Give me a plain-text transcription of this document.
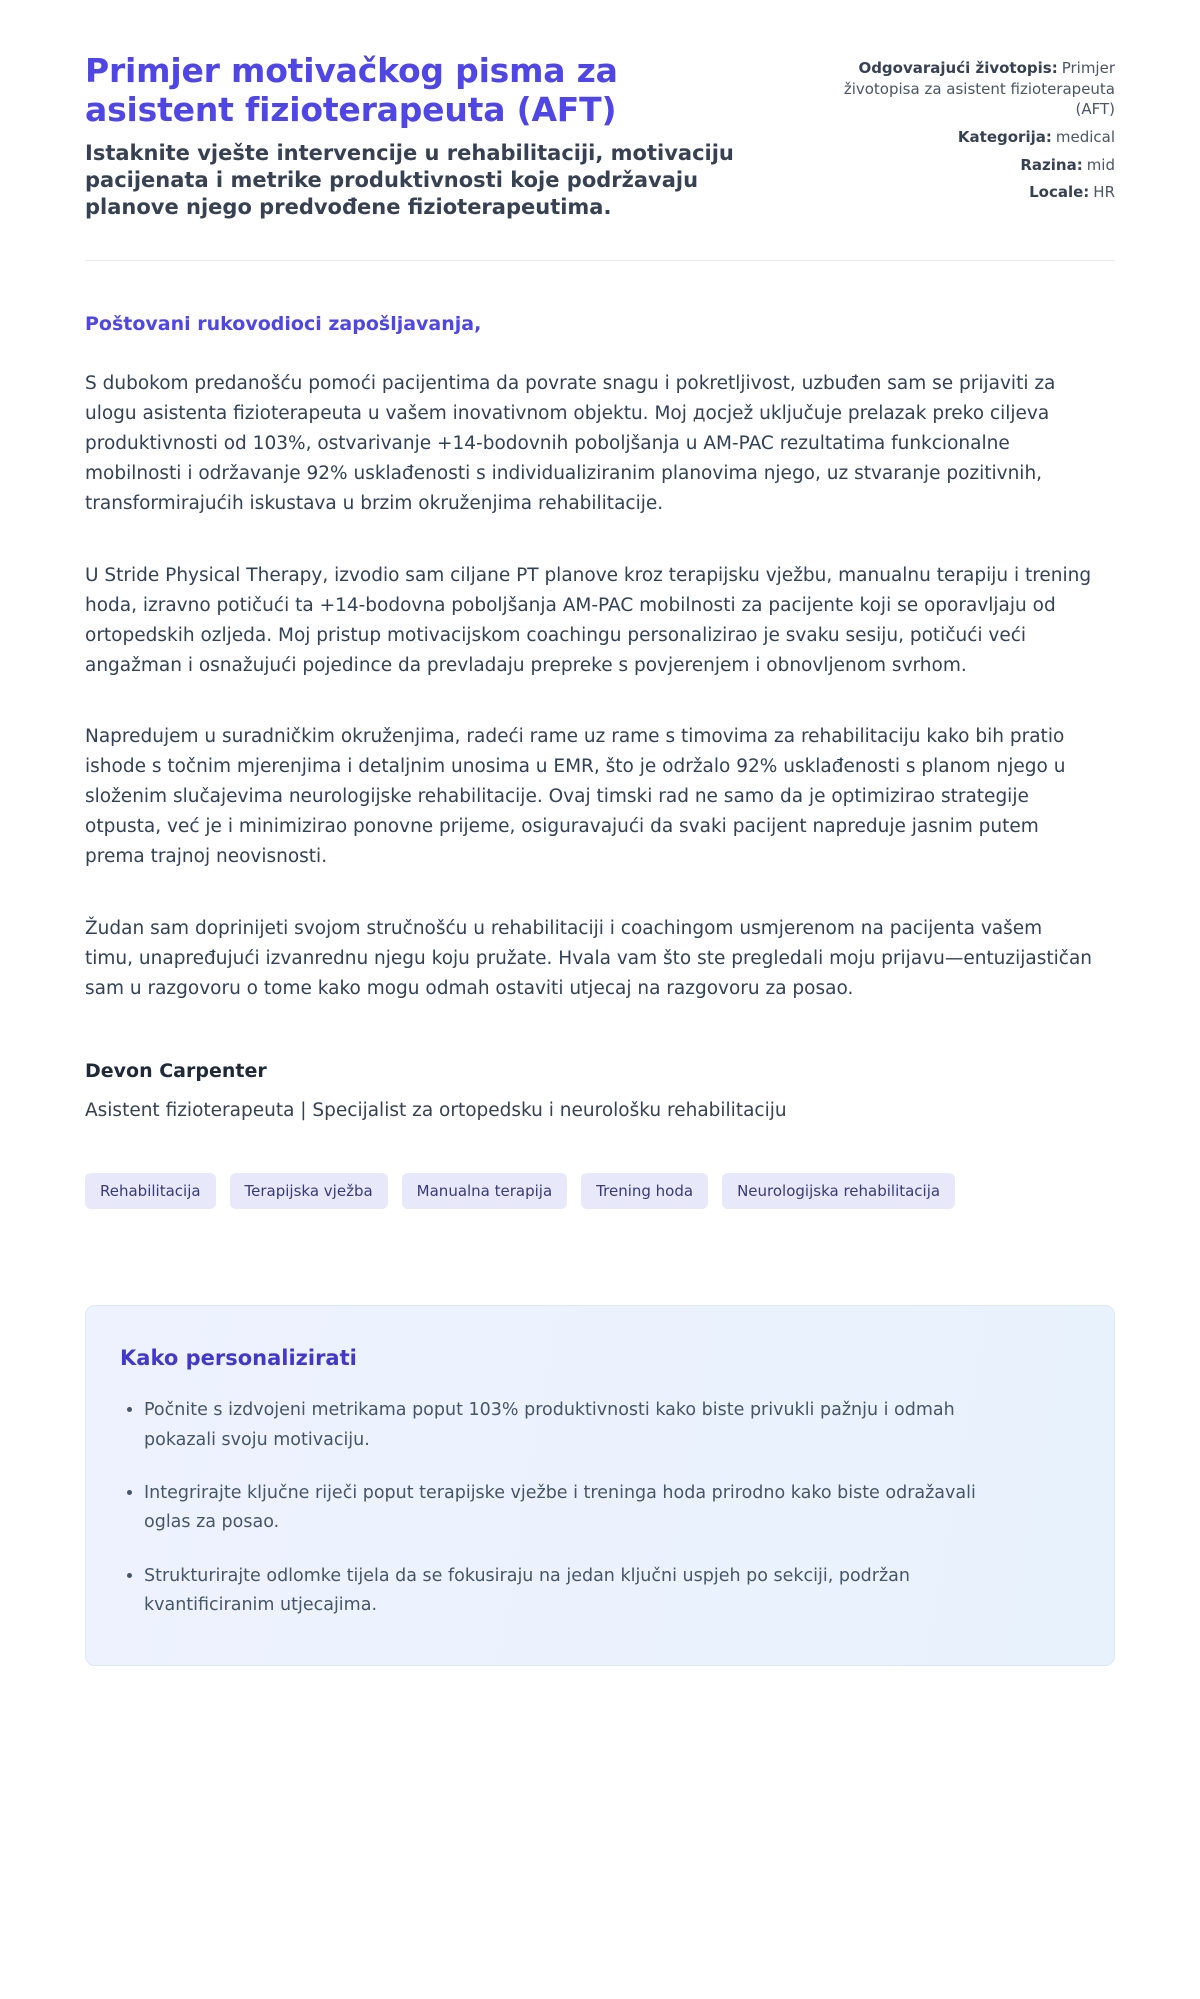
Primjer motivačkog pisma za asistent fizioterapeuta (AFT)
Istaknite vješte intervencije u rehabilitaciji, motivaciju pacijenata i metrike produktivnosti koje podržavaju planove njego predvođene fizioterapeutima.
Odgovarajući životopis: Primjer životopisa za asistent fizioterapeuta (AFT)
Kategorija: medical
Razina: mid
Locale: HR
Poštovani rukovodioci zapošljavanja,

S dubokom predanošću pomoći pacijentima da povrate snagu i pokretljivost, uzbuđen sam se prijaviti za ulogu asistenta fizioterapeuta u vašem inovativnom objektu. Moj доcjež uključuje prelazak preko ciljeva produktivnosti od 103%, ostvarivanje +14-bodovnih poboljšanja u AM-PAC rezultatima funkcionalne mobilnosti i održavanje 92% usklađenosti s individualiziranim planovima njego, uz stvaranje pozitivnih, transformirajućih iskustava u brzim okruženjima rehabilitacije.

U Stride Physical Therapy, izvodio sam ciljane PT planove kroz terapijsku vježbu, manualnu terapiju i trening hoda, izravno potičući ta +14-bodovna poboljšanja AM-PAC mobilnosti za pacijente koji se oporavljaju od ortopedskih ozljeda. Moj pristup motivacijskom coachingu personalizirao je svaku sesiju, potičući veći angažman i osnažujući pojedince da prevladaju prepreke s povjerenjem i obnovljenom svrhom.

Napredujem u suradničkim okruženjima, radeći rame uz rame s timovima za rehabilitaciju kako bih pratio ishode s točnim mjerenjima i detaljnim unosima u EMR, što je održalo 92% usklađenosti s planom njego u složenim slučajevima neurologijske rehabilitacije. Ovaj timski rad ne samo da je optimizirao strategije otpusta, već je i minimizirao ponovne prijeme, osiguravajući da svaki pacijent napreduje jasnim putem prema trajnoj neovisnosti.

Žudan sam doprinijeti svojom stručnošću u rehabilitaciji i coachingom usmjerenom na pacijenta vašem timu, unapređujući izvanrednu njegu koju pružate. Hvala vam što ste pregledali moju prijavu—entuzijastičan sam u razgovoru o tome kako mogu odmah ostaviti utjecaj na razgovoru za posao.

Devon Carpenter
Asistent fizioterapeuta | Specijalist za ortopedsku i neurološku rehabilitaciju
Rehabilitacija	Terapijska vježba	Manualna terapija	Trening hoda	Neurologijska rehabilitacija
Kako personalizirati
• Počnite s izdvojeni metrikama poput 103% produktivnosti kako biste privukli pažnju i odmah pokazali svoju motivaciju.
• Integrirajte ključne riječi poput terapijske vježbe i treninga hoda prirodno kako biste odražavali oglas za posao.
• Strukturirajte odlomke tijela da se fokusiraju na jedan ključni uspjeh po sekciji, podržan kvantificiranim utjecajima.
